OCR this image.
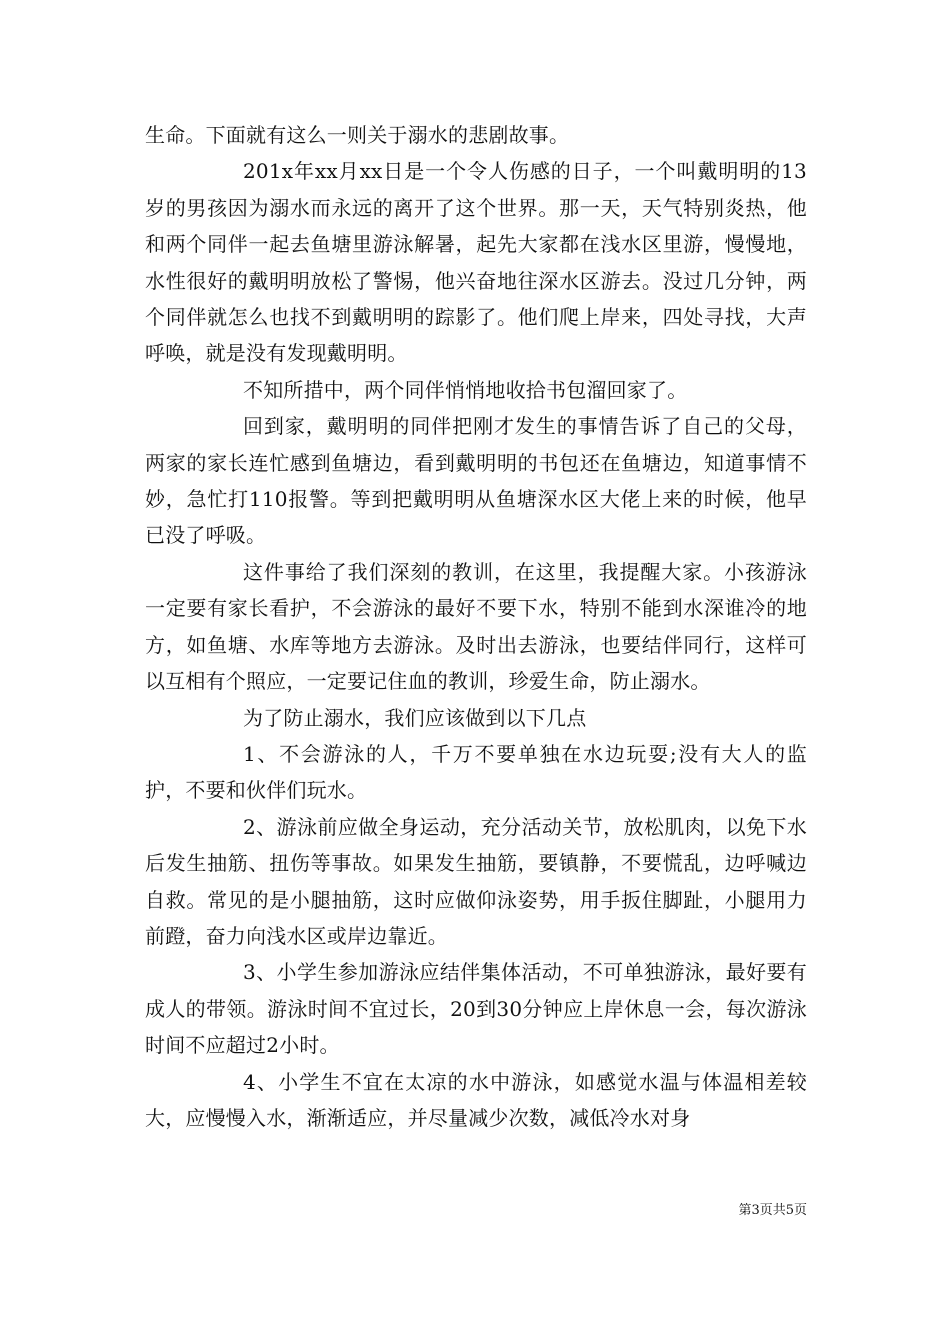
生命。下面就有这么一则关于溺水的悲剧故事。

201x年xx月xx日是一个令人伤感的日子，一个叫戴明明的13岁的男孩因为溺水而永远的离开了这个世界。那一天，天气特别炎热，他和两个同伴一起去鱼塘里游泳解暑，起先大家都在浅水区里游，慢慢地，水性很好的戴明明放松了警惕，他兴奋地往深水区游去。没过几分钟，两个同伴就怎么也找不到戴明明的踪影了。他们爬上岸来，四处寻找，大声呼唤，就是没有发现戴明明。

不知所措中，两个同伴悄悄地收拾书包溜回家了。

回到家，戴明明的同伴把刚才发生的事情告诉了自己的父母，两家的家长连忙感到鱼塘边，看到戴明明的书包还在鱼塘边，知道事情不妙，急忙打110报警。等到把戴明明从鱼塘深水区大佬上来的时候，他早已没了呼吸。

这件事给了我们深刻的教训，在这里，我提醒大家。小孩游泳一定要有家长看护，不会游泳的最好不要下水，特别不能到水深谁冷的地方，如鱼塘、水库等地方去游泳。及时出去游泳，也要结伴同行，这样可以互相有个照应，一定要记住血的教训，珍爱生命，防止溺水。

为了防止溺水，我们应该做到以下几点

1、不会游泳的人，千万不要单独在水边玩耍;没有大人的监护，不要和伙伴们玩水。

2、游泳前应做全身运动，充分活动关节，放松肌肉，以免下水后发生抽筋、扭伤等事故。如果发生抽筋，要镇静，不要慌乱，边呼喊边自救。常见的是小腿抽筋，这时应做仰泳姿势，用手扳住脚趾，小腿用力前蹬，奋力向浅水区或岸边靠近。

3、小学生参加游泳应结伴集体活动，不可单独游泳，最好要有成人的带领。游泳时间不宜过长，20到30分钟应上岸休息一会，每次游泳时间不应超过2小时。

4、小学生不宜在太凉的水中游泳，如感觉水温与体温相差较大，应慢慢入水，渐渐适应，并尽量减少次数，减低冷水对身

第3页共5页
